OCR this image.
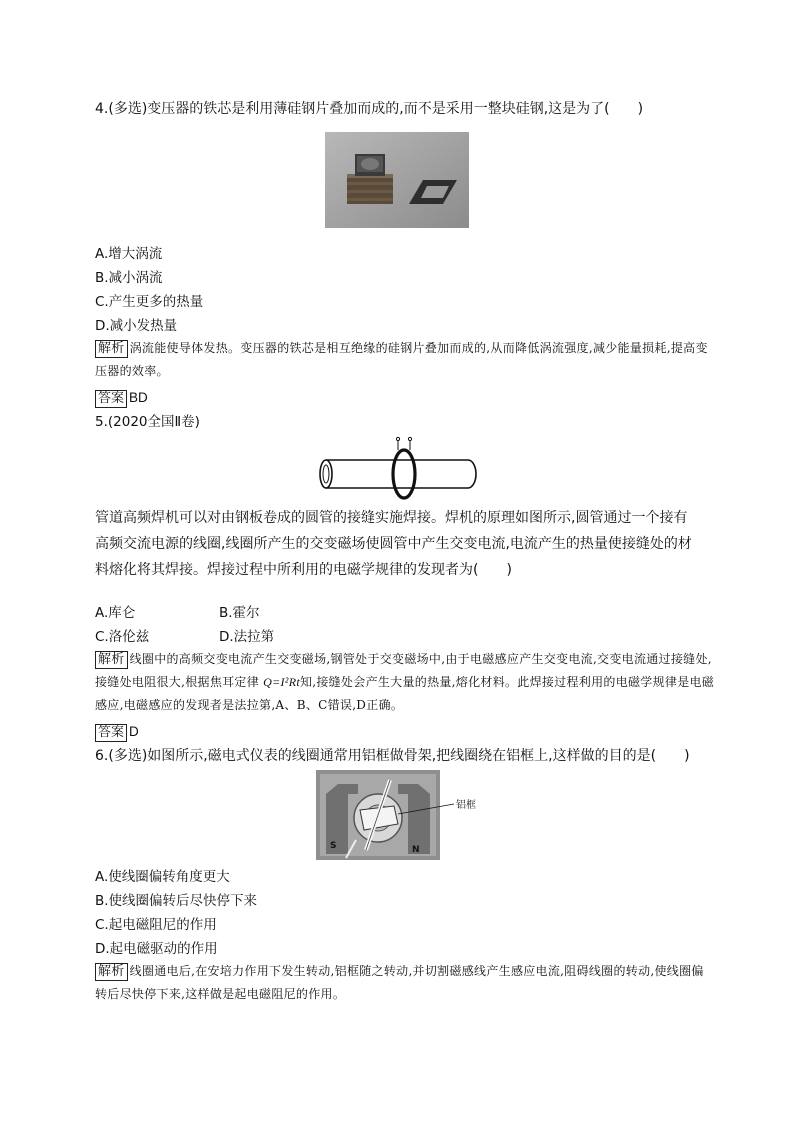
4.(多选)变压器的铁芯是利用薄硅钢片叠加而成的,而不是采用一整块硅钢,这是为了(　　)
A.增大涡流
B.减小涡流
C.产生更多的热量
D.减小发热量
解析 涡流能使导体发热。变压器的铁芯是相互绝缘的硅钢片叠加而成的,从而降低涡流强度,减少能量损耗,提高变压器的效率。
答案 BD
5.(2020全国Ⅱ卷)
管道高频焊机可以对由钢板卷成的圆管的接缝实施焊接。焊机的原理如图所示,圆管通过一个接有
高频交流电源的线圈,线圈所产生的交变磁场使圆管中产生交变电流,电流产生的热量使接缝处的材
料熔化将其焊接。焊接过程中所利用的电磁学规律的发现者为(　　)
A.库仑	B.霍尔
C.洛伦兹	D.法拉第
解析 线圈中的高频交变电流产生交变磁场,钢管处于交变磁场中,由于电磁感应产生交变电流,交变电流通过接缝处,接缝处电阻很大,根据焦耳定律 Q=I²Rt知,接缝处会产生大量的热量,熔化材料。此焊接过程利用的电磁学规律是电磁感应,电磁感应的发现者是法拉第,A、B、C错误,D正确。
答案 D
6.(多选)如图所示,磁电式仪表的线圈通常用铝框做骨架,把线圈绕在铝框上,这样做的目的是(　　)
S	N
铝框
A.使线圈偏转角度更大
B.使线圈偏转后尽快停下来
C.起电磁阻尼的作用
D.起电磁驱动的作用
解析 线圈通电后,在安培力作用下发生转动,铝框随之转动,并切割磁感线产生感应电流,阻碍线圈的转动,使线圈偏转后尽快停下来,这样做是起电磁阻尼的作用。
